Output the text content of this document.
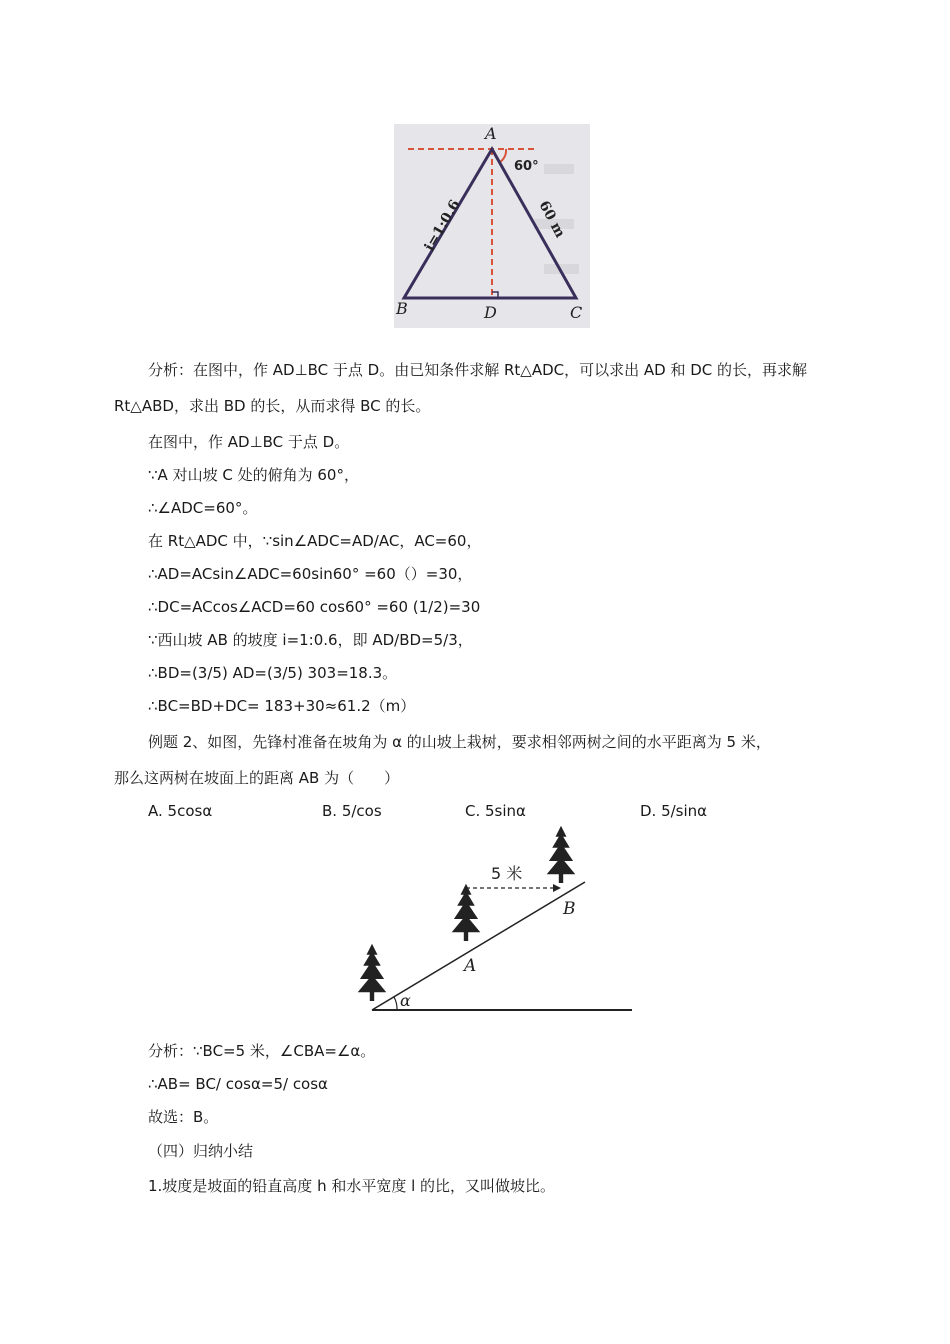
A
B	D	C
60°
i=1:0.6	60 m
分析：在图中，作 AD⊥BC 于点 D。由已知条件求解 Rt△ADC，可以求出 AD 和 DC 的长，再求解
Rt△ABD，求出 BD 的长，从而求得 BC 的长。
在图中，作 AD⊥BC 于点 D。
∵A 对山坡 C 处的俯角为 60°，
∴∠ADC=60°。
在 Rt△ADC 中，∵sin∠ADC=AD/AC，AC=60，
∴AD=ACsin∠ADC=60sin60° =60（）=30，
∴DC=ACcos∠ACD=60 cos60° =60 (1/2)=30
∵西山坡 AB 的坡度 i=1:0.6，即 AD/BD=5/3，
∴BD=(3/5) AD=(3/5) 303=18.3。
∴BC=BD+DC= 183+30≈61.2（m）
例题 2、如图，先锋村准备在坡角为 α 的山坡上栽树，要求相邻两树之间的水平距离为 5 米，
那么这两树在坡面上的距离 AB 为（　　）
A. 5cosα	B. 5/cos	C. 5sinα	D. 5/sinα
5 米
A
B
α
分析：∵BC=5 米，∠CBA=∠α。
∴AB= BC/ cosα=5/ cosα
故选：B。
（四）归纳小结
1.坡度是坡面的铅直高度 h 和水平宽度 l 的比，又叫做坡比。
